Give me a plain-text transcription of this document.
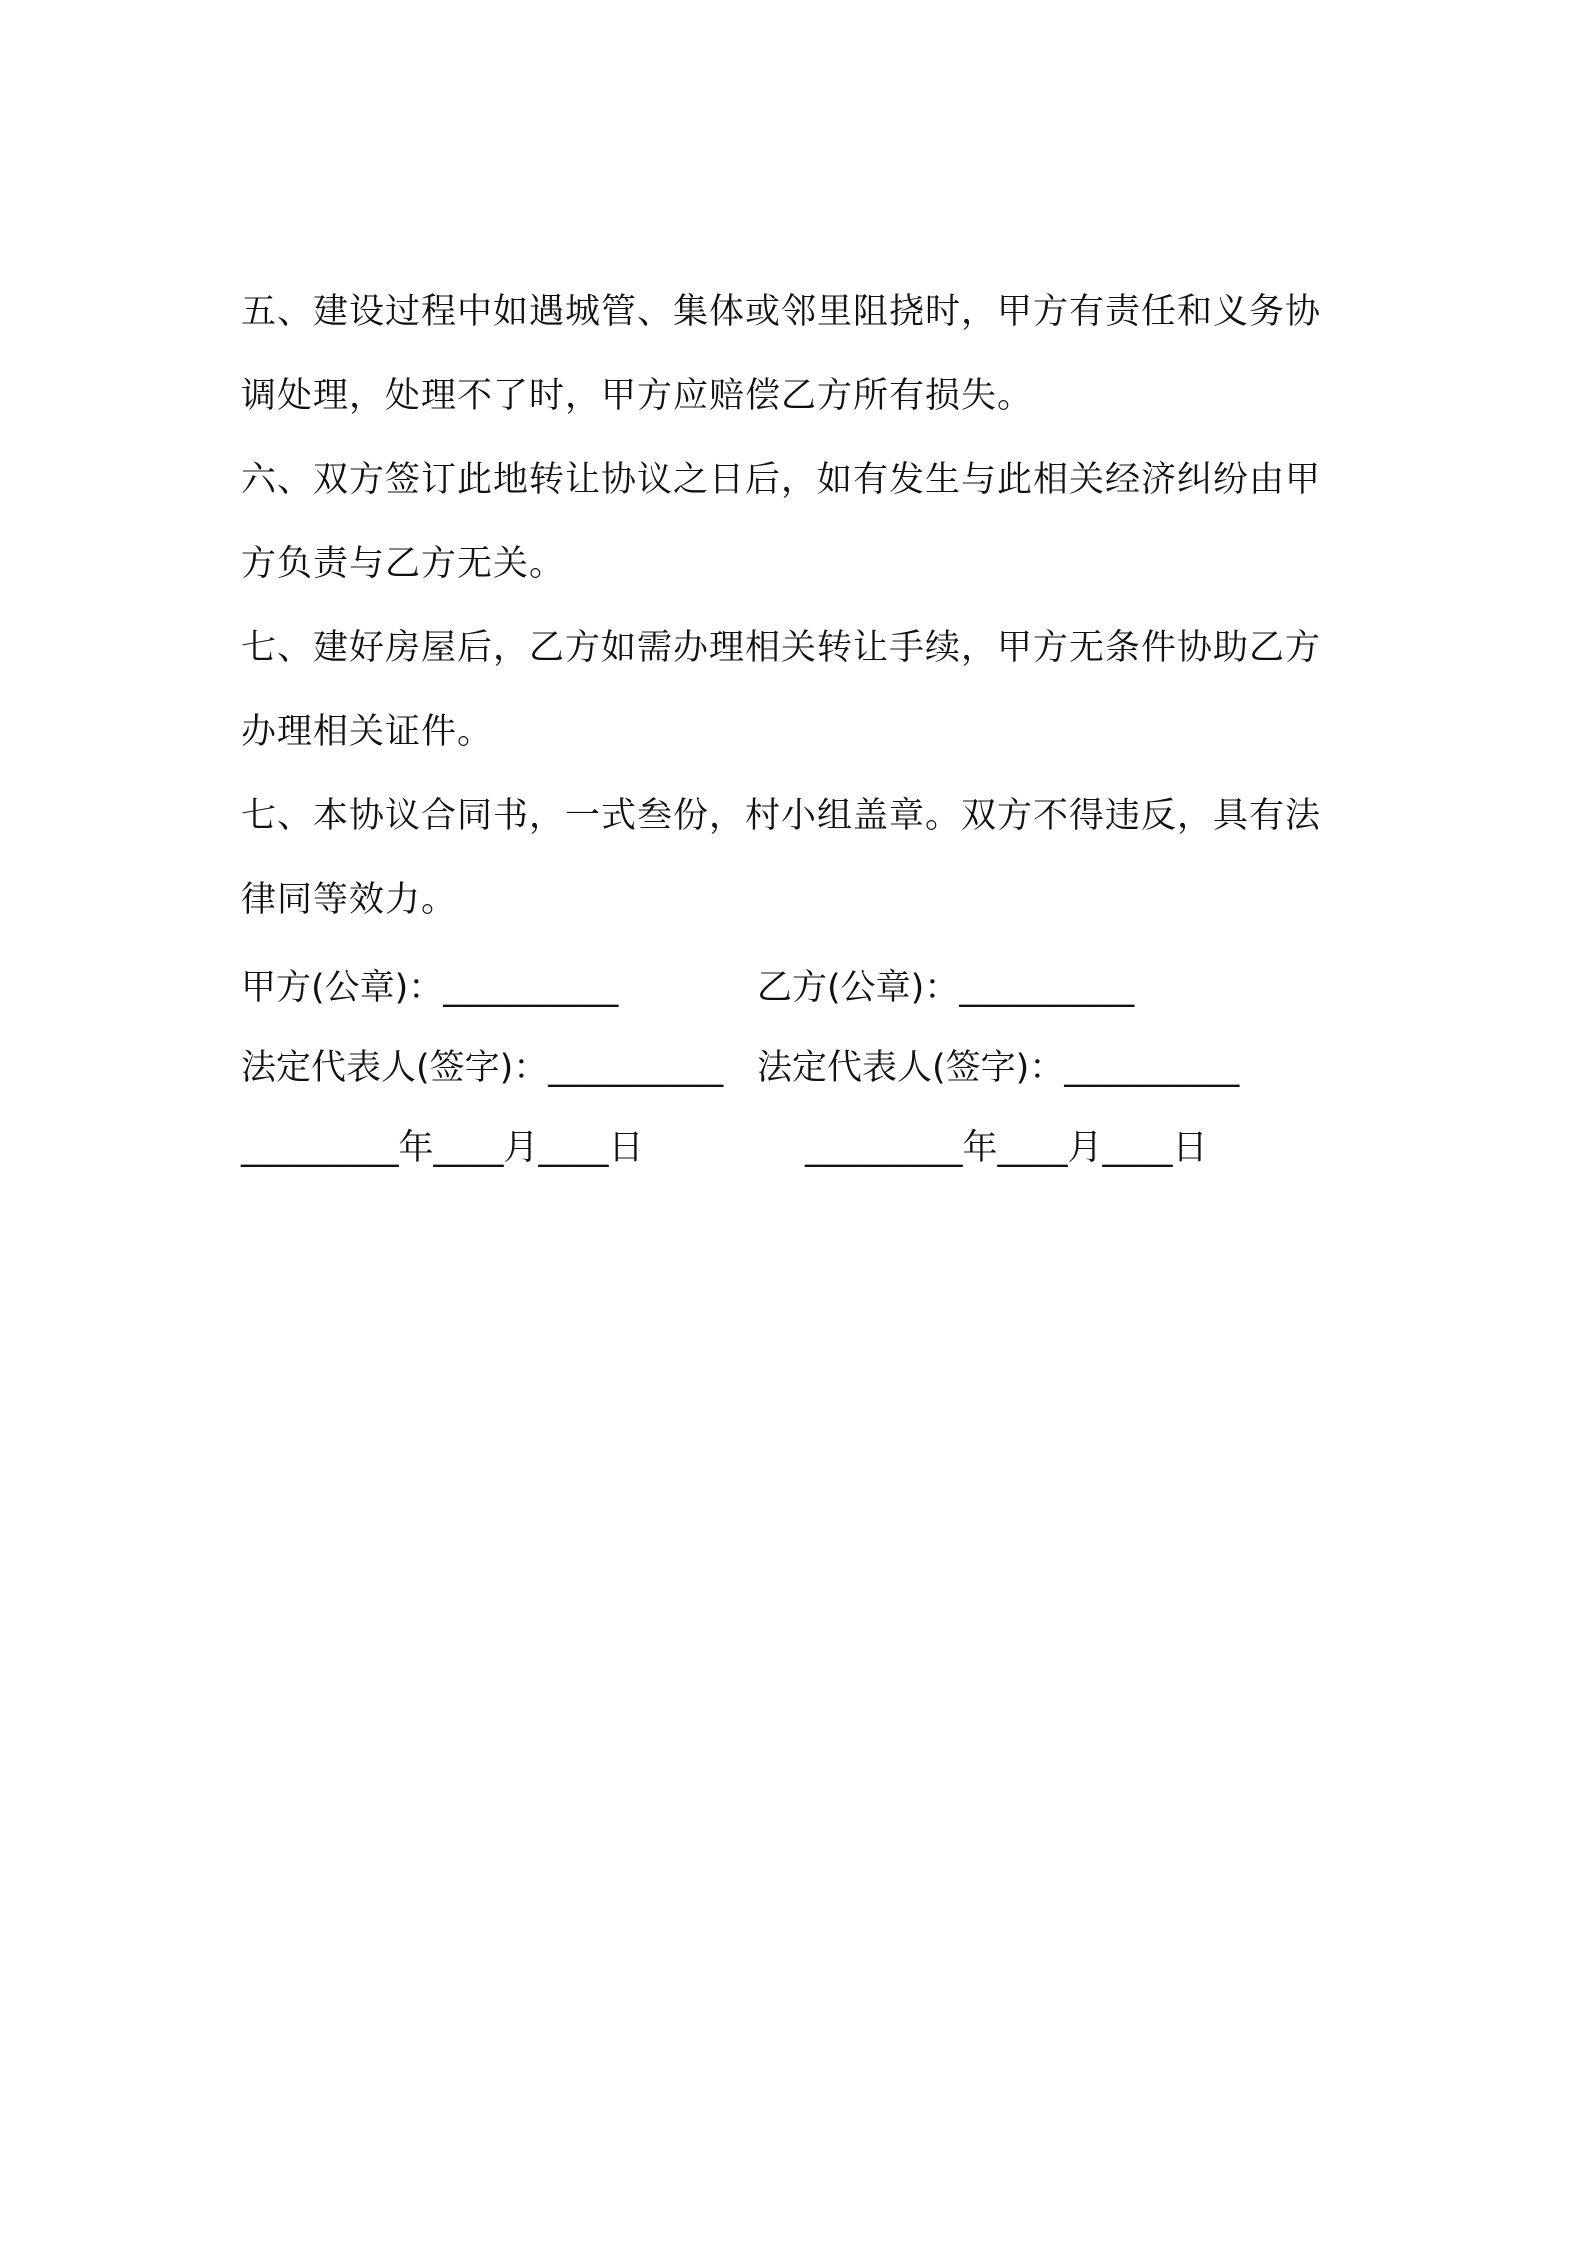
五、建设过程中如遇城管、集体或邻里阻挠时，甲方有责任和义务协
调处理，处理不了时，甲方应赔偿乙方所有损失。
六、双方签订此地转让协议之日后，如有发生与此相关经济纠纷由甲
方负责与乙方无关。
七、建好房屋后，乙方如需办理相关转让手续，甲方无条件协助乙方
办理相关证件。
七、本协议合同书，一式叁份，村小组盖章。双方不得违反，具有法
律同等效力。
甲方(公章)：__________	乙方(公章)：__________
法定代表人(签字)：__________ 法定代表人(签字)：__________
_________年____月____日	_________年____月____日
